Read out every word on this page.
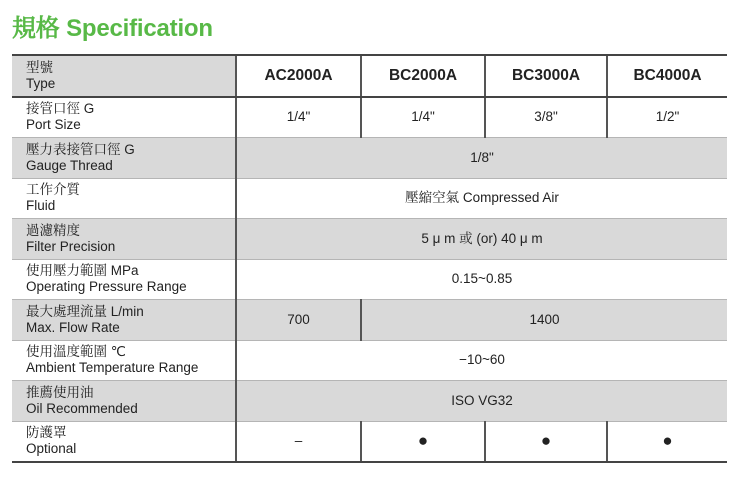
規格 Specification
型號
Type	AC2000A	BC2000A	BC3000A	BC4000A

接管口徑 G
Port Size	1/4"	1/4"	3/8"	1/2"

壓力表接管口徑 G
Gauge Thread	1/8"			

工作介質
Fluid	壓縮空氣 Compressed Air			

過濾精度
Filter Precision	5 μ m 或 (or) 40 μ m			

使用壓力範圍 MPa
Operating Pressure Range	0.15~0.85			

最大處理流量 L/min
Max. Flow Rate	700	1400		

使用溫度範圍 ℃
Ambient Temperature Range	−10~60			

推薦使用油
Oil Recommended	ISO VG32			

防護罩
Optional	–	●	●	●
